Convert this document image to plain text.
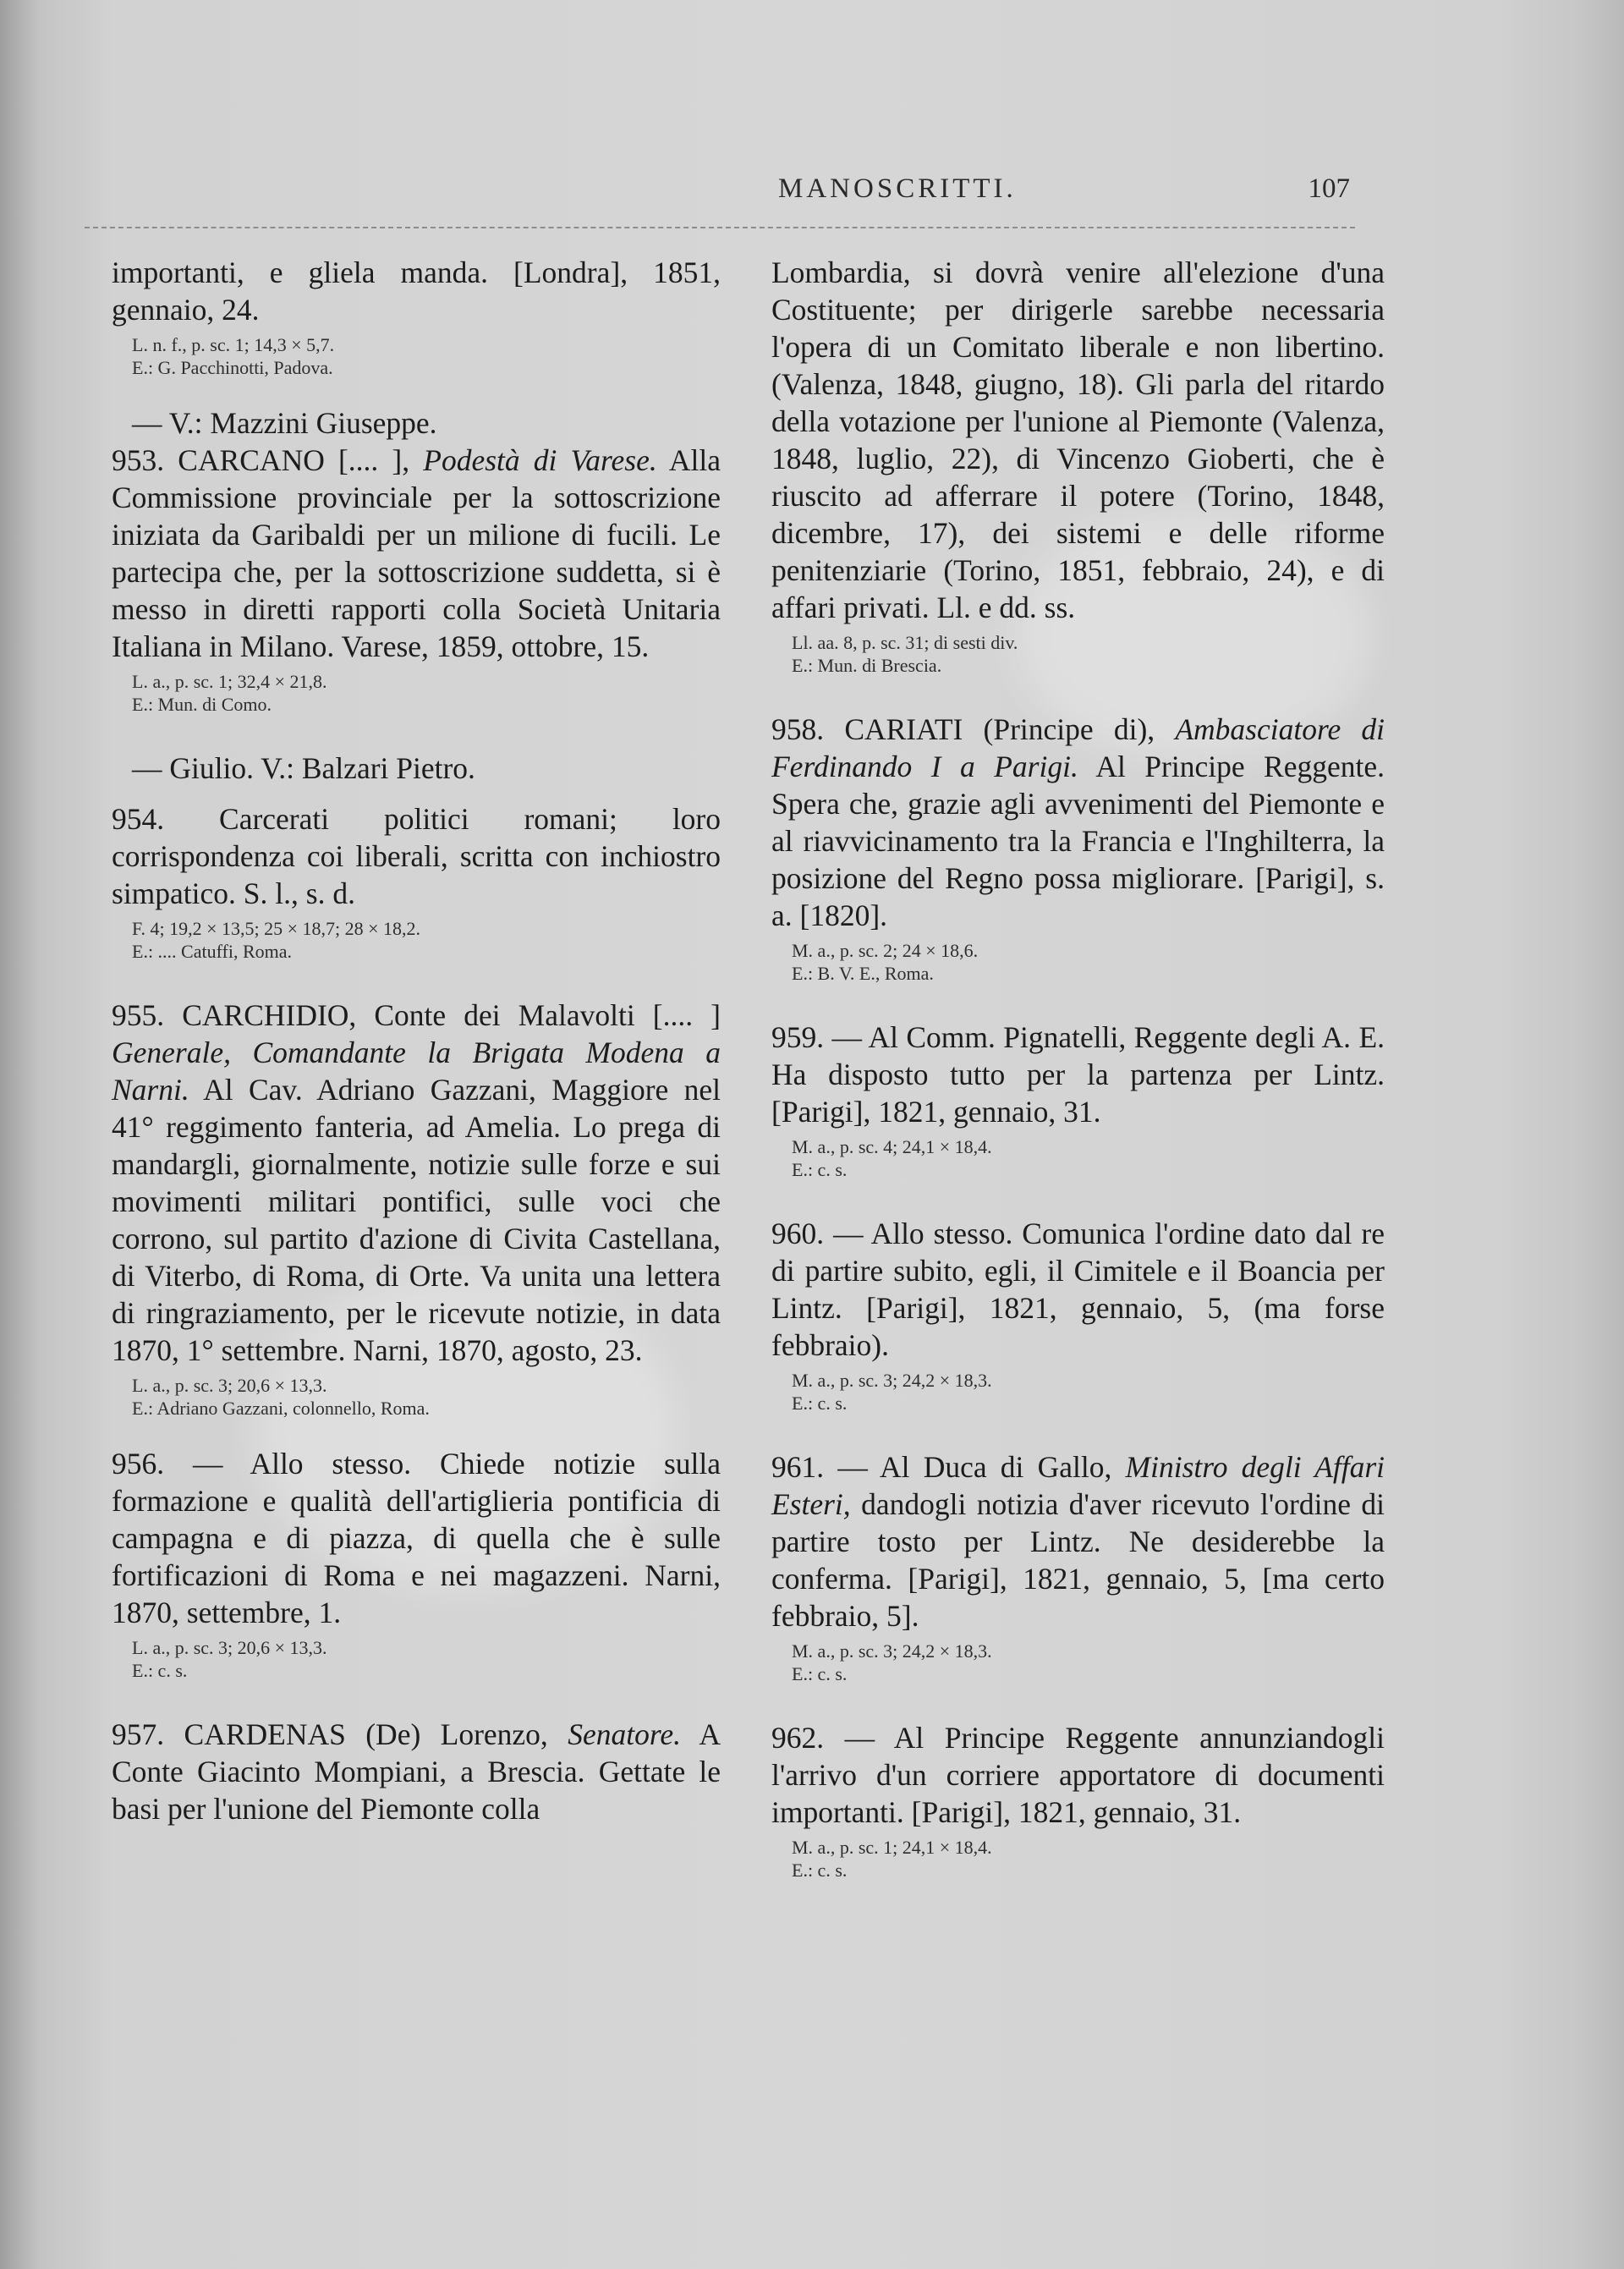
MANOSCRITTI.	107

importanti, e gliela manda. [Londra], 1851, gennaio, 24.

L. n. f., p. sc. 1; 14,3 × 5,7.
E.: G. Pacchinotti, Padova.

— V.: Mazzini Giuseppe.

953. CARCANO [.... ], Podestà di Varese. Alla Commissione provinciale per la sottoscrizione iniziata da Garibaldi per un milione di fucili. Le partecipa che, per la sottoscrizione suddetta, si è messo in diretti rapporti colla Società Unitaria Italiana in Milano. Varese, 1859, ottobre, 15.

L. a., p. sc. 1; 32,4 × 21,8.
E.: Mun. di Como.

— Giulio. V.: Balzari Pietro.

954. Carcerati politici romani; loro corrispondenza coi liberali, scritta con inchiostro simpatico. S. l., s. d.

F. 4; 19,2 × 13,5; 25 × 18,7; 28 × 18,2.
E.: .... Catuffi, Roma.

955. CARCHIDIO, Conte dei Malavolti [.... ] Generale, Comandante la Brigata Modena a Narni. Al Cav. Adriano Gazzani, Maggiore nel 41° reggimento fanteria, ad Amelia. Lo prega di mandargli, giornalmente, notizie sulle forze e sui movimenti militari pontifici, sulle voci che corrono, sul partito d'azione di Civita Castellana, di Viterbo, di Roma, di Orte. Va unita una lettera di ringraziamento, per le ricevute notizie, in data 1870, 1° settembre. Narni, 1870, agosto, 23.

L. a., p. sc. 3; 20,6 × 13,3.
E.: Adriano Gazzani, colonnello, Roma.

956. — Allo stesso. Chiede notizie sulla formazione e qualità dell'artiglieria pontificia di campagna e di piazza, di quella che è sulle fortificazioni di Roma e nei magazzeni. Narni, 1870, settembre, 1.

L. a., p. sc. 3; 20,6 × 13,3.
E.: c. s.

957. CARDENAS (De) Lorenzo, Senatore. A Conte Giacinto Mompiani, a Brescia. Gettate le basi per l'unione del Piemonte colla

Lombardia, si dovrà venire all'elezione d'una Costituente; per dirigerle sarebbe necessaria l'opera di un Comitato liberale e non libertino. (Valenza, 1848, giugno, 18). Gli parla del ritardo della votazione per l'unione al Piemonte (Valenza, 1848, luglio, 22), di Vincenzo Gioberti, che è riuscito ad afferrare il potere (Torino, 1848, dicembre, 17), dei sistemi e delle riforme penitenziarie (Torino, 1851, febbraio, 24), e di affari privati. Ll. e dd. ss.

Ll. aa. 8, p. sc. 31; di sesti div.
E.: Mun. di Brescia.

958. CARIATI (Principe di), Ambasciatore di Ferdinando I a Parigi. Al Principe Reggente. Spera che, grazie agli avvenimenti del Piemonte e al riavvicinamento tra la Francia e l'Inghilterra, la posizione del Regno possa migliorare. [Parigi], s. a. [1820].

M. a., p. sc. 2; 24 × 18,6.
E.: B. V. E., Roma.

959. — Al Comm. Pignatelli, Reggente degli A. E. Ha disposto tutto per la partenza per Lintz. [Parigi], 1821, gennaio, 31.

M. a., p. sc. 4; 24,1 × 18,4.
E.: c. s.

960. — Allo stesso. Comunica l'ordine dato dal re di partire subito, egli, il Cimitele e il Boancia per Lintz. [Parigi], 1821, gennaio, 5, (ma forse febbraio).

M. a., p. sc. 3; 24,2 × 18,3.
E.: c. s.

961. — Al Duca di Gallo, Ministro degli Affari Esteri, dandogli notizia d'aver ricevuto l'ordine di partire tosto per Lintz. Ne desiderebbe la conferma. [Parigi], 1821, gennaio, 5, [ma certo febbraio, 5].

M. a., p. sc. 3; 24,2 × 18,3.
E.: c. s.

962. — Al Principe Reggente annunziandogli l'arrivo d'un corriere apportatore di documenti importanti. [Parigi], 1821, gennaio, 31.

M. a., p. sc. 1; 24,1 × 18,4.
E.: c. s.
